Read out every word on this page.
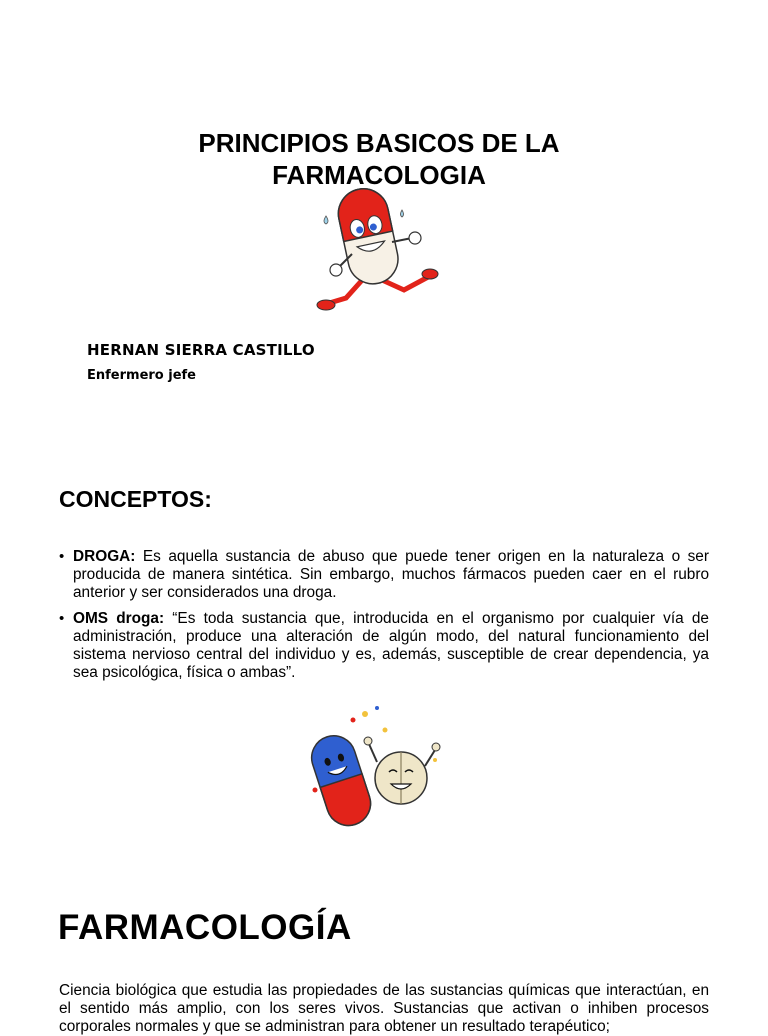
PRINCIPIOS BASICOS DE LA
FARMACOLOGIA
HERNAN SIERRA CASTILLO
Enfermero jefe
CONCEPTOS:
• DROGA: Es aquella sustancia de abuso que puede tener origen en la naturaleza o ser producida de manera sintética. Sin embargo, muchos fármacos pueden caer en el rubro anterior y ser considerados una droga.
• OMS droga: “Es toda sustancia que, introducida en el organismo por cualquier vía de administración, produce una alteración de algún modo, del natural funcionamiento del sistema nervioso central del individuo y es, además, susceptible de crear dependencia, ya sea psicológica, física o ambas”.
FARMACOLOGÍA

Ciencia biológica que estudia las propiedades de las sustancias químicas que interactúan, en el sentido más amplio, con los seres vivos. Sustancias que activan o inhiben procesos corporales normales y que se administran para obtener un resultado terapéutico;
